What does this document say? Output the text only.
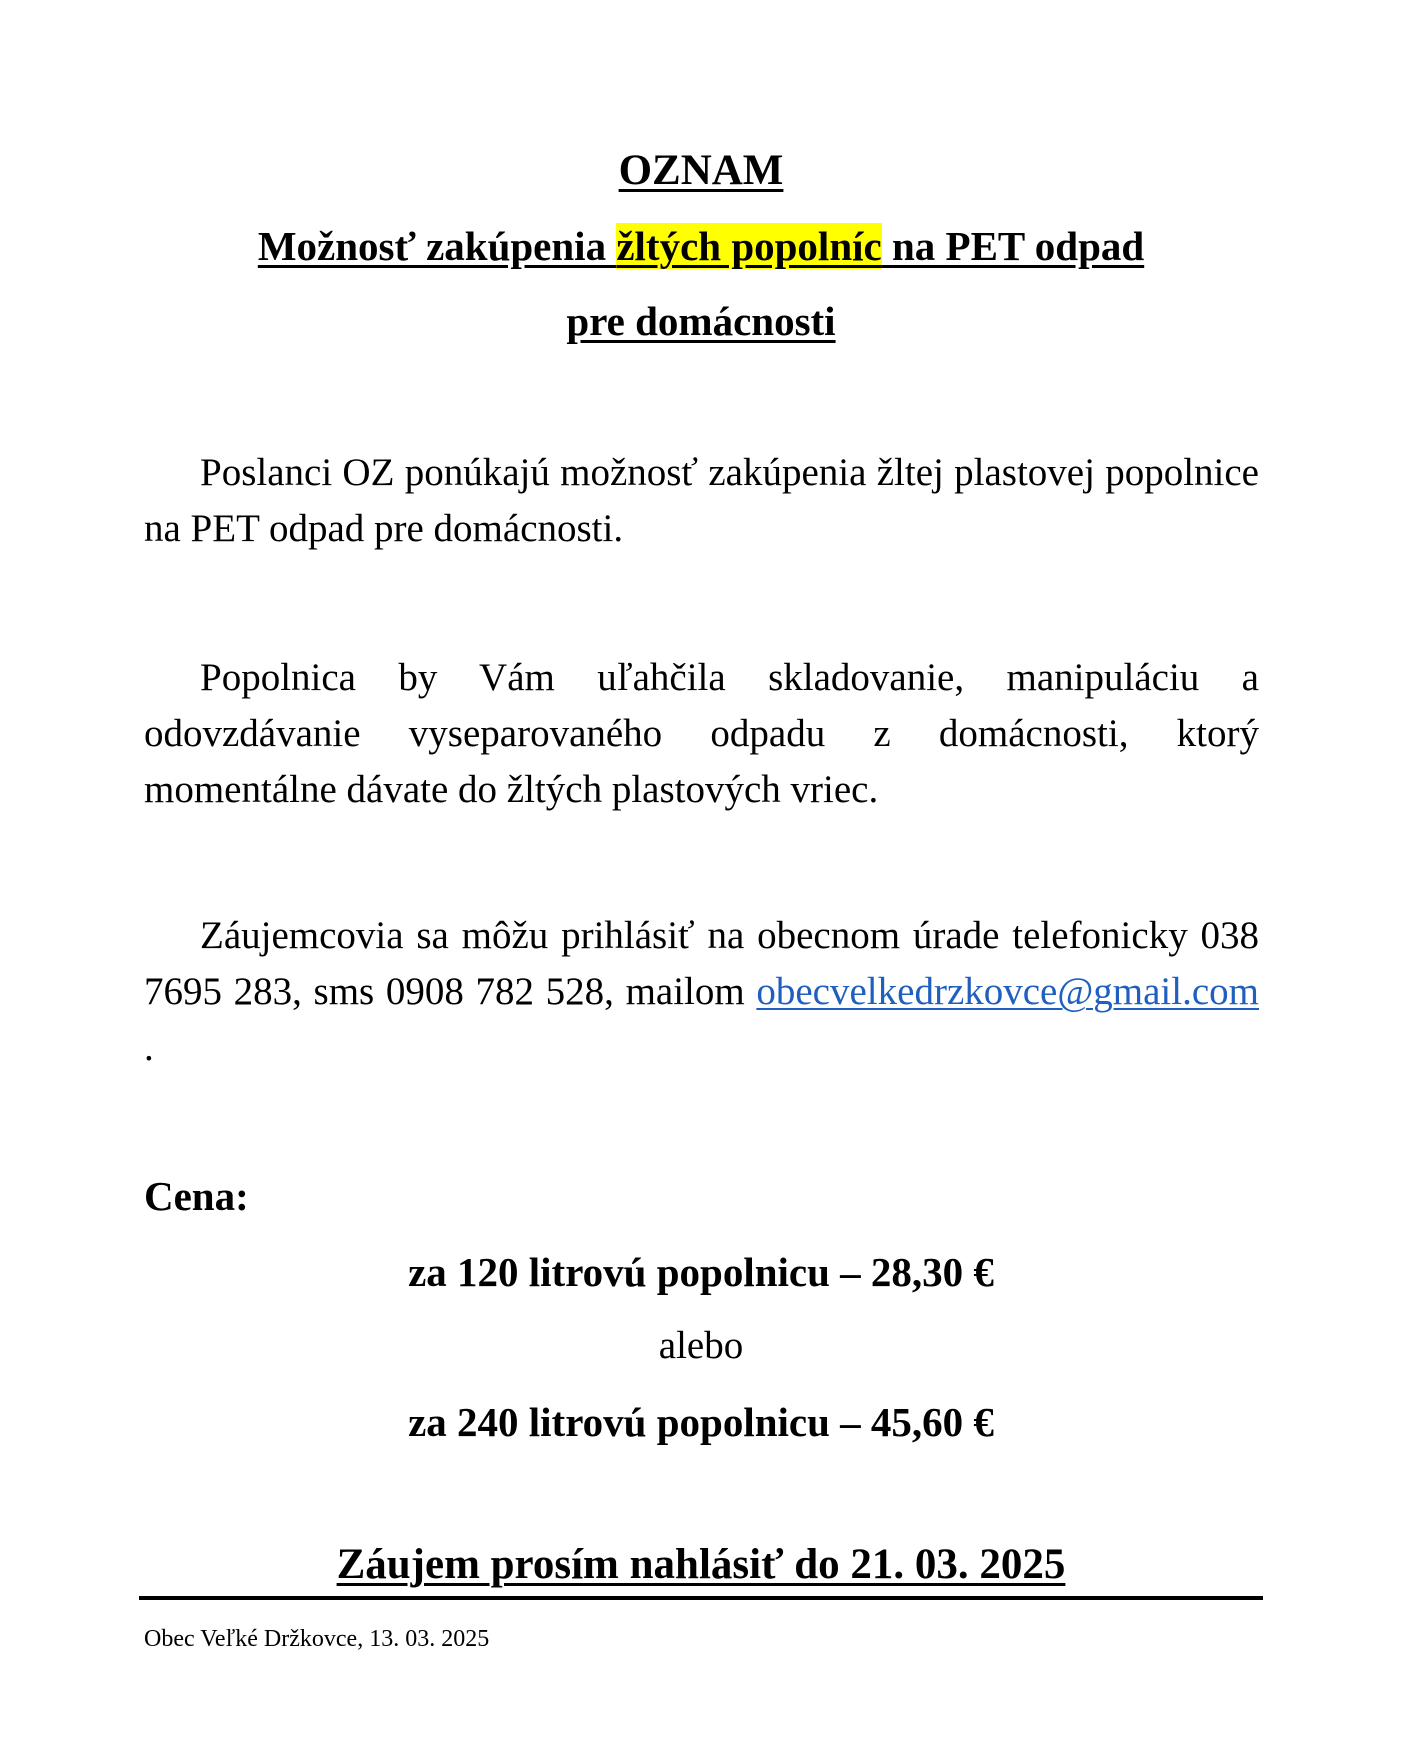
OZNAM
Možnosť zakúpenia žltých popolníc na PET odpad
pre domácnosti
Poslanci OZ ponúkajú možnosť zakúpenia žltej plastovej popolnice na PET odpad pre domácnosti.
Popolnica by Vám uľahčila skladovanie, manipuláciu a odovzdávanie vyseparovaného odpadu z domácnosti, ktorý momentálne dávate do žltých plastových vriec.
Záujemcovia sa môžu prihlásiť na obecnom úrade telefonicky 038 7695 283, sms 0908 782 528, mailom obecvelkedrzkovce@gmail.com .
Cena:
za 120 litrovú popolnicu – 28,30 €
alebo
za 240 litrovú popolnicu – 45,60 €
Záujem prosím nahlásiť do 21. 03. 2025
Obec Veľké Držkovce, 13. 03. 2025
